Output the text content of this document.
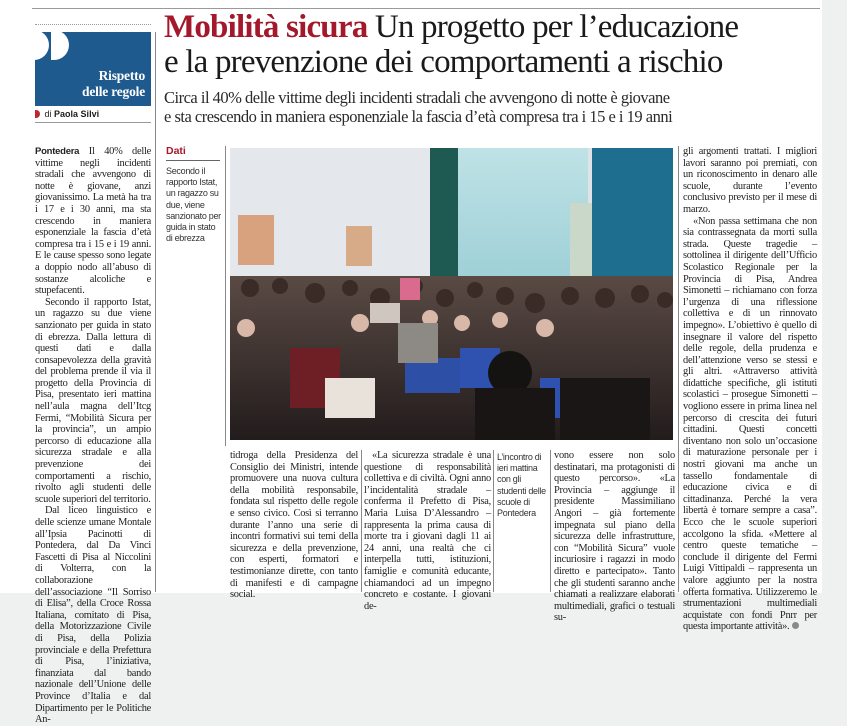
Rispetto
delle regole
di Paola Silvi
Mobilità sicura Un progetto per l’educazione
e la prevenzione dei comportamenti a rischio
Circa il 40% delle vittime degli incidenti stradali che avvengono di notte è giovane
e sta crescendo in maniera esponenziale la fascia d’età compresa tra i 15 e i 19 anni

Pontedera Il 40% delle vittime negli incidenti stradali che avvengono di notte è giovane, anzi giovanissimo. La metà ha tra i 17 e i 30 anni, ma sta crescendo in maniera esponenziale la fascia d’età compresa tra i 15 e i 19 anni. E le cause spesso sono legate a doppio nodo all’abuso di sostanze alcoliche e stupefacenti.

Secondo il rapporto Istat, un ragazzo su due viene sanzionato per guida in stato di ebrezza. Dalla lettura di questi dati e dalla consapevolezza della gravità del problema prende il via il progetto della Provincia di Pisa, presentato ieri mattina nell’aula magna dell’Itcg Fermi, “Mobilità Sicura per la provincia”, un ampio percorso di educazione alla sicurezza stradale e alla prevenzione dei comportamenti a rischio, rivolto agli studenti delle scuole superiori del territorio.

Dal liceo linguistico e delle scienze umane Montale all’Ipsia Pacinotti di Pontedera, dal Da Vinci Fascetti di Pisa al Niccolini di Volterra, con la collaborazione dell’associazione “Il Sorriso di Elisa”, della Croce Rossa Italiana, comitato di Pisa, della Motorizzazione Civile di Pisa, della Polizia provinciale e della Prefettura di Pisa, l’iniziativa, finanziata dal bando nazionale dell’Unione delle Province d’Italia e dal Dipartimento per le Politiche An-

Dati
Secondo il rapporto Istat, un ragazzo su due, viene sanzionato per guida in stato di ebrezza

tidroga della Presidenza del Consiglio dei Ministri, intende promuovere una nuova cultura della mobilità responsabile, fondata sul rispetto delle regole e senso civico. Così si terranno durante l’anno una serie di incontri formativi sui temi della sicurezza e della prevenzione, con esperti, formatori e testimonianze dirette, con tanto di manifesti e di campagne social.

«La sicurezza stradale è una questione di responsabilità collettiva e di civiltà. Ogni anno l’incidentalità stradale – conferma il Prefetto di Pisa, Maria Luisa D’Alessandro – rappresenta la prima causa di morte tra i giovani dagli 11 ai 24 anni, una realtà che ci interpella tutti, istituzioni, famiglie e comunità educante, chiamandoci ad un impegno concreto e costante. I giovani de-

L’incontro di ieri mattina con gli studenti delle scuole di Pontedera

vono essere non solo destinatari, ma protagonisti di questo percorso». «La Provincia – aggiunge il presidente Massimiliano Angori – già fortemente impegnata sul piano della sicurezza delle infrastrutture, con “Mobilità Sicura” vuole incuriosire i ragazzi in modo diretto e partecipato». Tanto che gli studenti saranno anche chiamati a realizzare elaborati multimediali, grafici o testuali su-

gli argomenti trattati. I migliori lavori saranno poi premiati, con un riconoscimento in denaro alle scuole, durante l’evento conclusivo previsto per il mese di marzo.

«Non passa settimana che non sia contrassegnata da morti sulla strada. Queste tragedie – sottolinea il dirigente dell’Ufficio Scolastico Regionale per la Provincia di Pisa, Andrea Simonetti – richiamano con forza l’urgenza di una riflessione collettiva e di un rinnovato impegno». L’obiettivo è quello di insegnare il valore del rispetto delle regole, della prudenza e dell’attenzione verso se stessi e gli altri. «Attraverso attività didattiche specifiche, gli istituti scolastici – prosegue Simonetti – vogliono essere in prima linea nel percorso di crescita dei futuri cittadini. Questi concetti diventano non solo un’occasione di maturazione personale per i nostri giovani ma anche un tassello fondamentale di educazione civica e di cittadinanza. Perché la vera libertà è tornare sempre a casa”. Ecco che le scuole superiori accolgono la sfida. «Mettere al centro queste tematiche – conclude il dirigente del Fermi Luigi Vittipaldi – rappresenta un valore aggiunto per la nostra offerta formativa. Utilizzeremo le strumentazioni multimediali acquistate con fondi Pnrr per questa importante attività».
